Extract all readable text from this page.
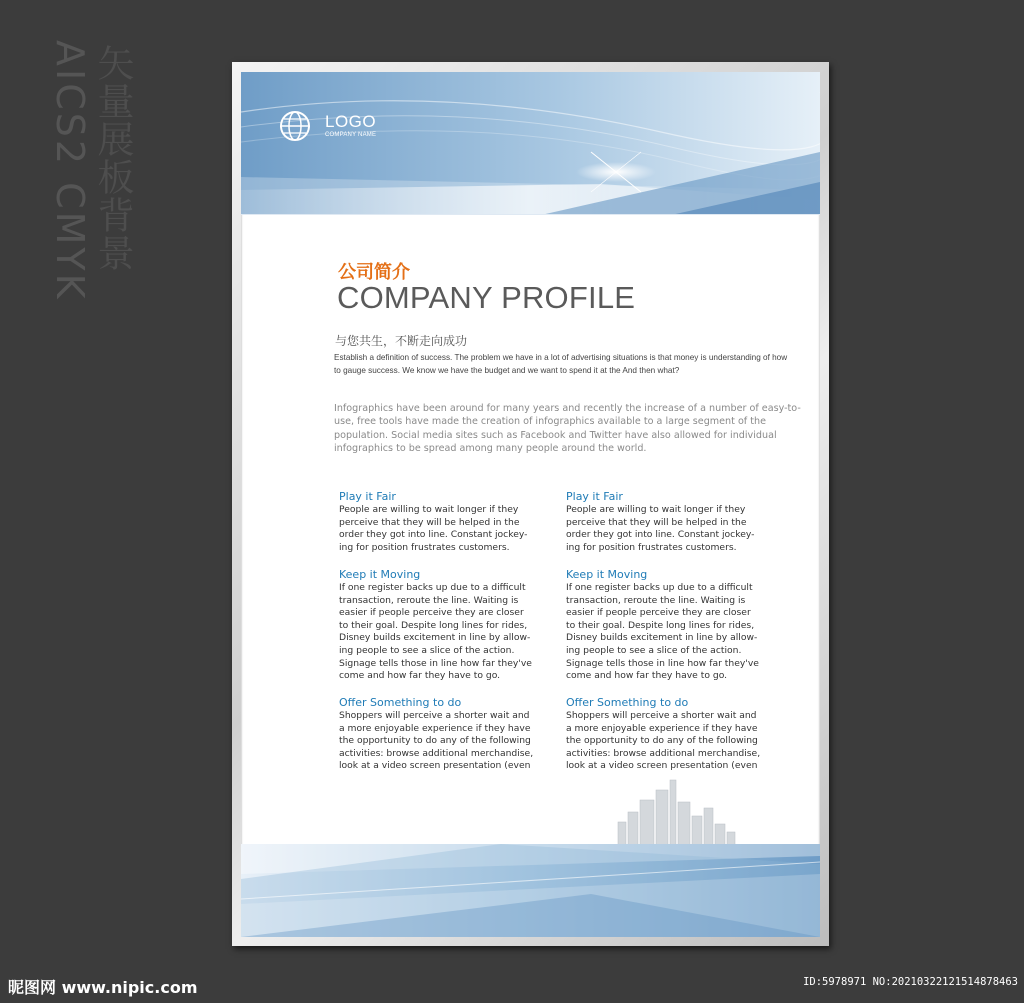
矢量展板背景
AICS2 CMYK	LOGO
COMPANY NAME
公司简介
COMPANY PROFILE
与您共生，不断走向成功

Establish a definition of success. The problem we have in a lot of advertising situations is that money is understanding of how to gauge success. We know we have the budget and we want to spend it at the And then what?

Infographics have been around for many years and recently the increase of a number of easy-to-use, free tools have made the creation of infographics available to a large segment of the population. Social media sites such as Facebook and Twitter have also allowed for individual infographics to be spread among many people around the world.

Play it Fair

People are willing to wait longer if they
perceive that they will be helped in the
order they got into line. Constant jockey-
ing for position frustrates customers.

Keep it Moving

If one register backs up due to a difficult
transaction, reroute the line. Waiting is
easier if people perceive they are closer
to their goal. Despite long lines for rides,
Disney builds excitement in line by allow-
ing people to see a slice of the action.
Signage tells those in line how far they've
come and how far they have to go.

Offer Something to do

Shoppers will perceive a shorter wait and
a more enjoyable experience if they have
the opportunity to do any of the following
activities: browse additional merchandise,
look at a video screen presentation (even

Play it Fair

People are willing to wait longer if they
perceive that they will be helped in the
order they got into line. Constant jockey-
ing for position frustrates customers.

Keep it Moving

If one register backs up due to a difficult
transaction, reroute the line. Waiting is
easier if people perceive they are closer
to their goal. Despite long lines for rides,
Disney builds excitement in line by allow-
ing people to see a slice of the action.
Signage tells those in line how far they've
come and how far they have to go.

Offer Something to do

Shoppers will perceive a shorter wait and
a more enjoyable experience if they have
the opportunity to do any of the following
activities: browse additional merchandise,
look at a video screen presentation (even

昵图网 www.nipic.com	ID:5978971 NO:20210322121514878463
